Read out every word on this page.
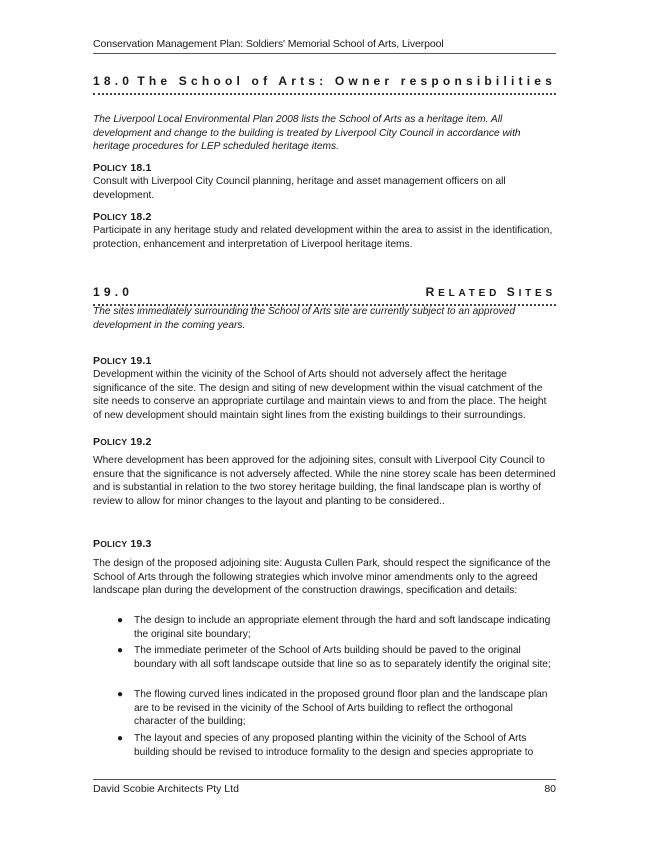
Conservation Management Plan: Soldiers' Memorial School of Arts, Liverpool
18.0 The School of Arts: Owner responsibilities
The Liverpool Local Environmental Plan 2008 lists the School of Arts as a heritage item. All development and change to the building is treated by Liverpool City Council in accordance with heritage procedures for LEP scheduled heritage items.
POLICY 18.1
Consult with Liverpool City Council planning, heritage and asset management officers on all development.
POLICY 18.2
Participate in any heritage study and related development within the area to assist in the identification, protection, enhancement and interpretation of Liverpool heritage items.
19.0	RELATED SITES
The sites immediately surrounding the School of Arts site are currently subject to an approved development in the coming years.
POLICY 19.1
Development within the vicinity of the School of Arts should not adversely affect the heritage significance of the site. The design and siting of new development within the visual catchment of the site needs to conserve an appropriate curtilage and maintain views to and from the place. The height of new development should maintain sight lines from the existing buildings to their surroundings.
POLICY 19.2
Where development has been approved for the adjoining sites, consult with Liverpool City Council to ensure that the significance is not adversely affected. While the nine storey scale has been determined and is substantial in relation to the two storey heritage building, the final landscape plan is worthy of review to allow for minor changes to the layout and planting to be considered..
POLICY 19.3
The design of the proposed adjoining site: Augusta Cullen Park, should respect the significance of the School of Arts through the following strategies which involve minor amendments only to the agreed landscape plan during the development of the construction drawings, specification and details:
●	The design to include an appropriate element through the hard and soft landscape indicating the original site boundary;
●	The immediate perimeter of the School of Arts building should be paved to the original boundary with all soft landscape outside that line so as to separately identify the original site;
●	The flowing curved lines indicated in the proposed ground floor plan and the landscape plan are to be revised in the vicinity of the School of Arts building to reflect the orthogonal character of the building;
●	The layout and species of any proposed planting within the vicinity of the School of Arts building should be revised to introduce formality to the design and species appropriate to
David Scobie Architects Pty Ltd	80
